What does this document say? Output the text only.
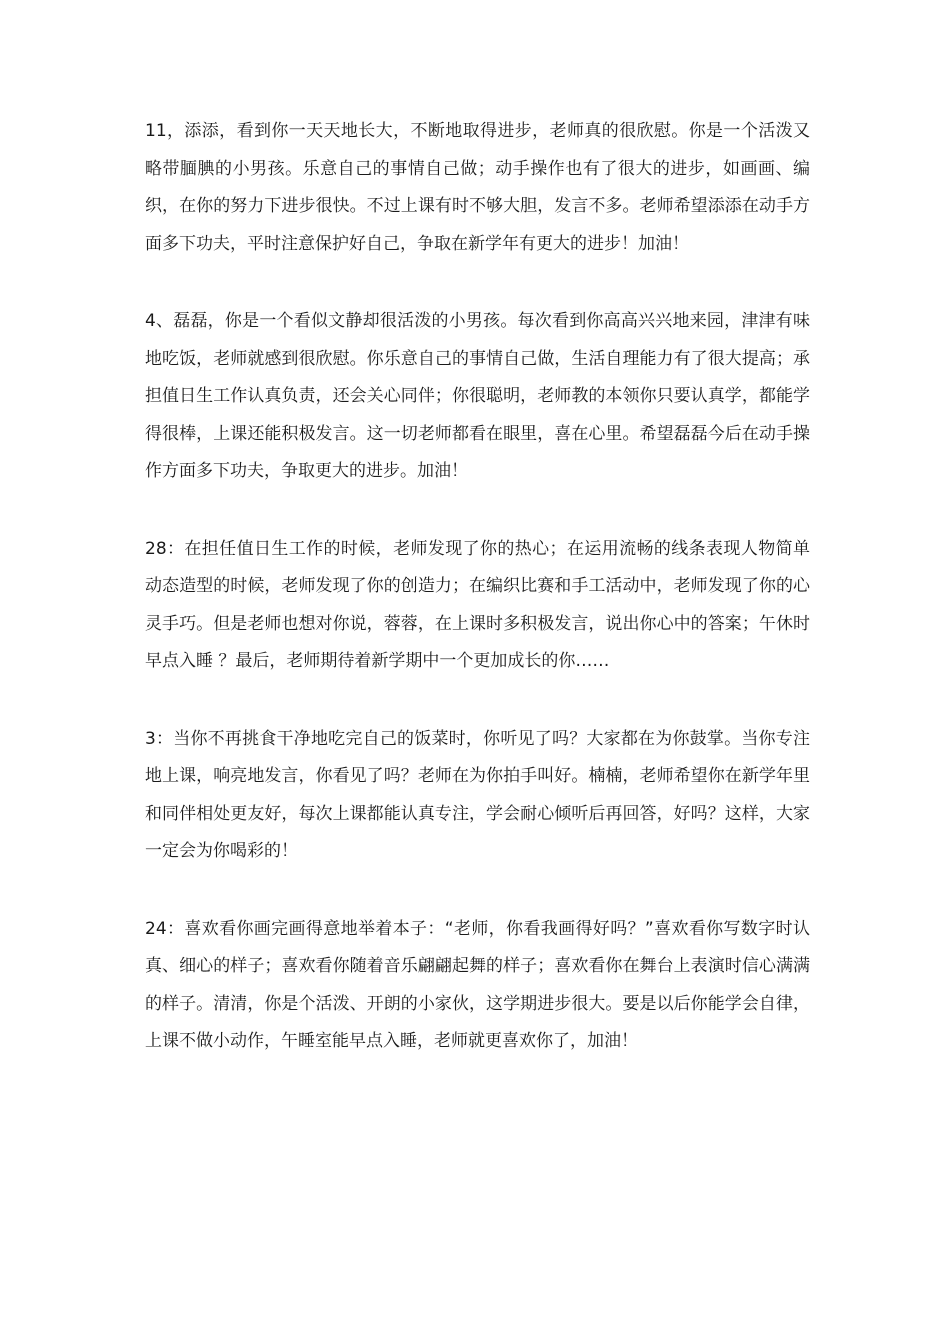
11，添添，看到你一天天地长大，不断地取得进步，老师真的很欣慰。你是一个活泼又略带腼腆的小男孩。乐意自己的事情自己做；动手操作也有了很大的进步，如画画、编织，在你的努力下进步很快。不过上课有时不够大胆，发言不多。老师希望添添在动手方面多下功夫，平时注意保护好自己，争取在新学年有更大的进步！加油！

4、磊磊，你是一个看似文静却很活泼的小男孩。每次看到你高高兴兴地来园，津津有味地吃饭，老师就感到很欣慰。你乐意自己的事情自己做，生活自理能力有了很大提高；承担值日生工作认真负责，还会关心同伴；你很聪明，老师教的本领你只要认真学，都能学得很棒，上课还能积极发言。这一切老师都看在眼里，喜在心里。希望磊磊今后在动手操作方面多下功夫，争取更大的进步。加油！

28：在担任值日生工作的时候，老师发现了你的热心；在运用流畅的线条表现人物简单动态造型的时候，老师发现了你的创造力；在编织比赛和手工活动中，老师发现了你的心灵手巧。但是老师也想对你说，蓉蓉，在上课时多积极发言，说出你心中的答案；午休时早点入睡 ？最后，老师期待着新学期中一个更加成长的你……

3：当你不再挑食干净地吃完自己的饭菜时，你听见了吗？大家都在为你鼓掌。当你专注地上课，响亮地发言，你看见了吗？老师在为你拍手叫好。楠楠，老师希望你在新学年里和同伴相处更友好，每次上课都能认真专注，学会耐心倾听后再回答，好吗？这样，大家一定会为你喝彩的！

24：喜欢看你画完画得意地举着本子：“老师，你看我画得好吗？”喜欢看你写数字时认真、细心的样子；喜欢看你随着音乐翩翩起舞的样子；喜欢看你在舞台上表演时信心满满的样子。清清，你是个活泼、开朗的小家伙，这学期进步很大。要是以后你能学会自律，上课不做小动作，午睡室能早点入睡，老师就更喜欢你了，加油！
